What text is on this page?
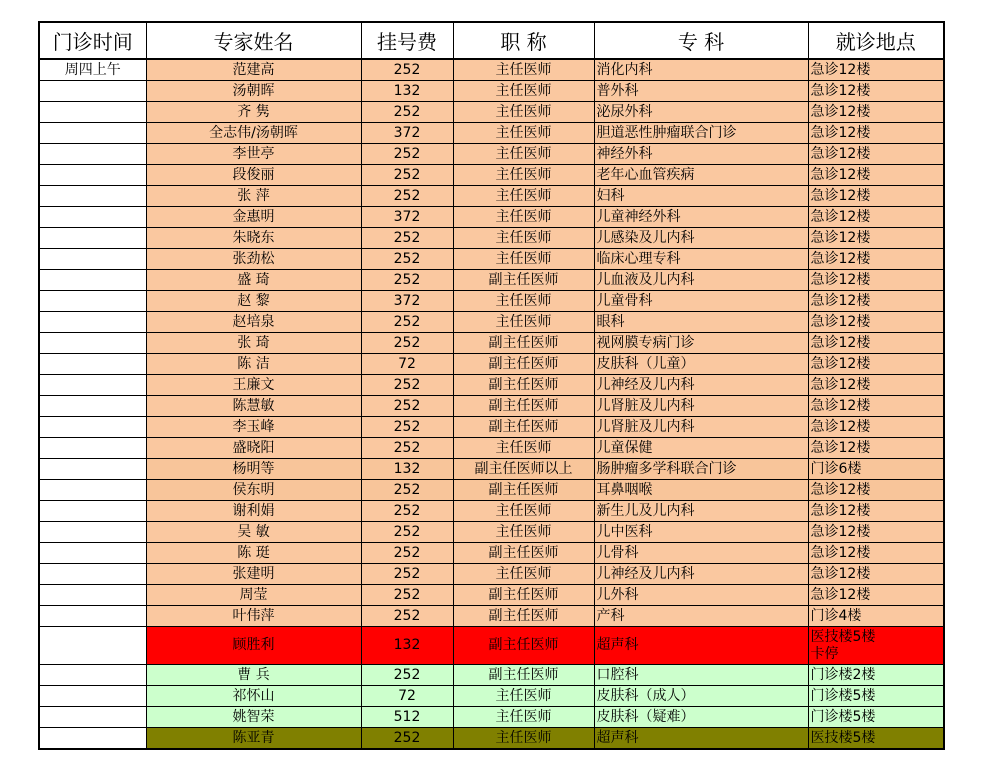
门诊时间	专家姓名	挂号费	职 称	专 科	就诊地点
周四上午	范建高	252	主任医师	消化内科	急诊12楼
	汤朝晖	132	主任医师	普外科	急诊12楼
	齐 隽	252	主任医师	泌尿外科	急诊12楼
	全志伟/汤朝晖	372	主任医师	胆道恶性肿瘤联合门诊	急诊12楼
	李世亭	252	主任医师	神经外科	急诊12楼
	段俊丽	252	主任医师	老年心血管疾病	急诊12楼
	张 萍	252	主任医师	妇科	急诊12楼
	金惠明	372	主任医师	儿童神经外科	急诊12楼
	朱晓东	252	主任医师	儿感染及儿内科	急诊12楼
	张劲松	252	主任医师	临床心理专科	急诊12楼
	盛 琦	252	副主任医师	儿血液及儿内科	急诊12楼
	赵 黎	372	主任医师	儿童骨科	急诊12楼
	赵培泉	252	主任医师	眼科	急诊12楼
	张 琦	252	副主任医师	视网膜专病门诊	急诊12楼
	陈 洁	72	副主任医师	皮肤科（儿童）	急诊12楼
	王廉文	252	副主任医师	儿神经及儿内科	急诊12楼
	陈慧敏	252	副主任医师	儿肾脏及儿内科	急诊12楼
	李玉峰	252	副主任医师	儿肾脏及儿内科	急诊12楼
	盛晓阳	252	主任医师	儿童保健	急诊12楼
	杨明等	132	副主任医师以上	肠肿瘤多学科联合门诊	门诊6楼
	侯东明	252	副主任医师	耳鼻咽喉	急诊12楼
	谢利娟	252	主任医师	新生儿及儿内科	急诊12楼
	吴 敏	252	主任医师	儿中医科	急诊12楼
	陈 珽	252	副主任医师	儿骨科	急诊12楼
	张建明	252	主任医师	儿神经及儿内科	急诊12楼
	周莹	252	副主任医师	儿外科	急诊12楼
	叶伟萍	252	副主任医师	产科	门诊4楼
	顾胜利	132	副主任医师	超声科	医技楼5楼
卡停

	曹 兵	252	副主任医师	口腔科	门诊楼2楼
	祁怀山	72	主任医师	皮肤科（成人）	门诊楼5楼
	姚智荣	512	主任医师	皮肤科（疑难）	门诊楼5楼
	陈亚青	252	主任医师	超声科	医技楼5楼
